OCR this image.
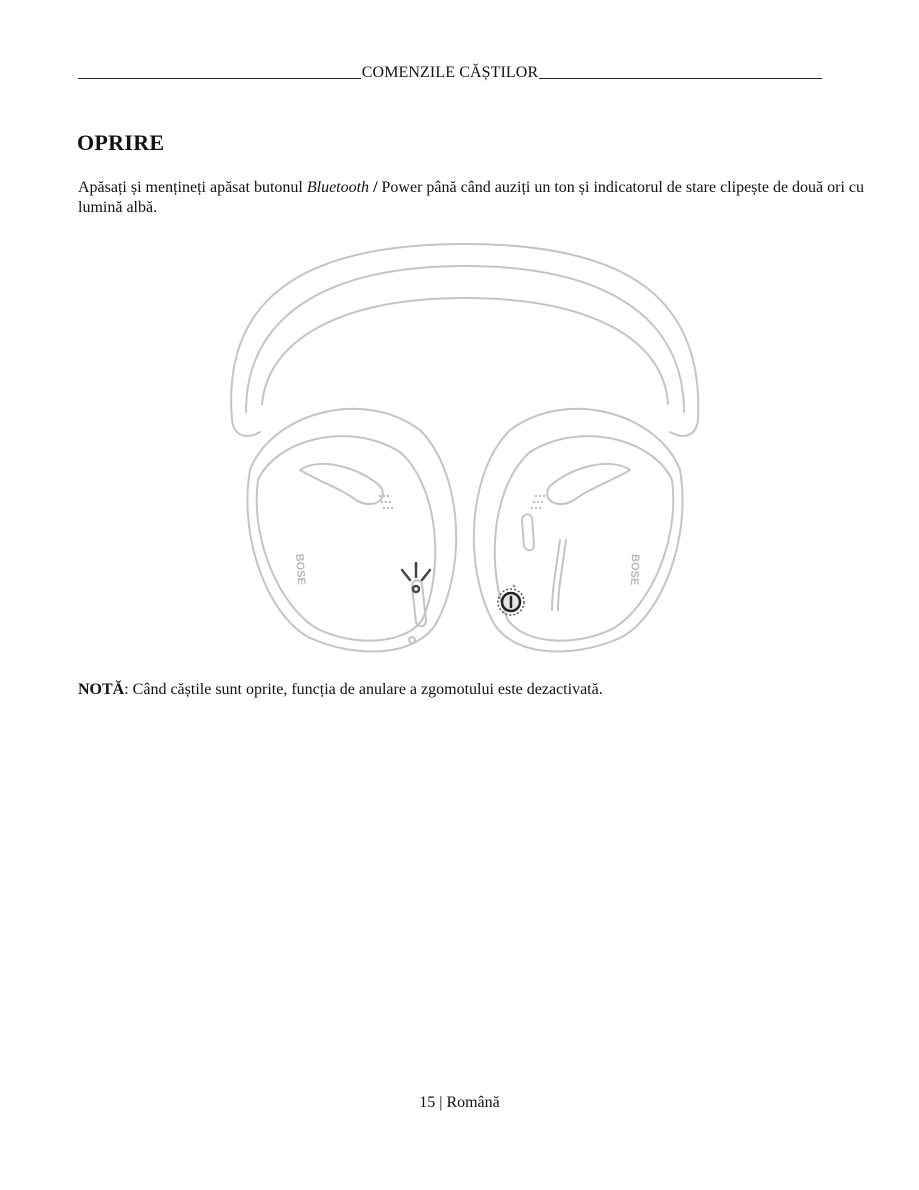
COMENZILE CĂȘTILOR
OPRIRE
Apăsați și mențineți apăsat butonul Bluetooth / Power până când auziți un ton și indicatorul de stare clipește de două ori cu lumină albă.
BOSE	BOSE
NOTĂ: Când căștile sunt oprite, funcția de anulare a zgomotului este dezactivată.
15 | Română
